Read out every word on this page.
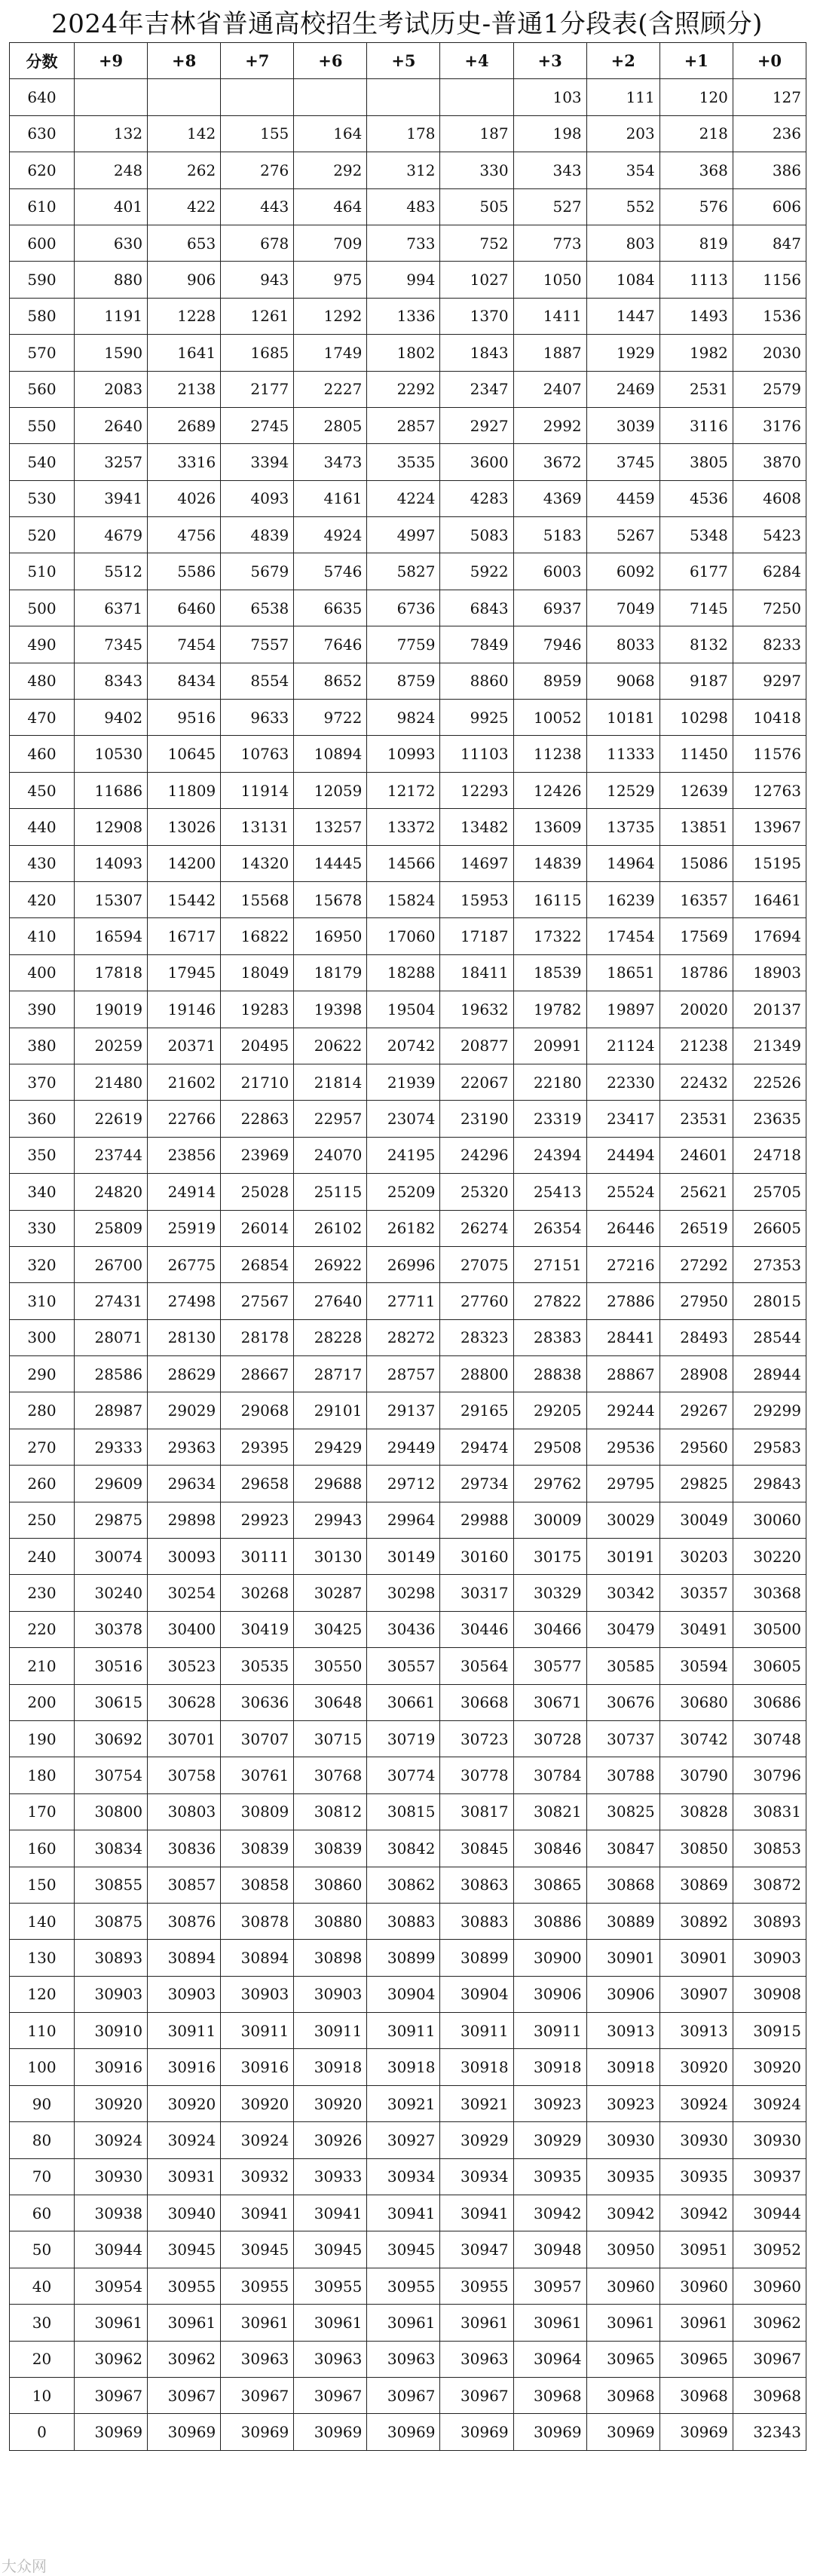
2024年吉林省普通高校招生考试历史-普通1分段表(含照顾分)
分数	+9	+8	+7	+6	+5	+4	+3	+2	+1	+0
640							103	111	120	127
630	132	142	155	164	178	187	198	203	218	236
620	248	262	276	292	312	330	343	354	368	386
610	401	422	443	464	483	505	527	552	576	606
600	630	653	678	709	733	752	773	803	819	847
590	880	906	943	975	994	1027	1050	1084	1113	1156
580	1191	1228	1261	1292	1336	1370	1411	1447	1493	1536
570	1590	1641	1685	1749	1802	1843	1887	1929	1982	2030
560	2083	2138	2177	2227	2292	2347	2407	2469	2531	2579
550	2640	2689	2745	2805	2857	2927	2992	3039	3116	3176
540	3257	3316	3394	3473	3535	3600	3672	3745	3805	3870
530	3941	4026	4093	4161	4224	4283	4369	4459	4536	4608
520	4679	4756	4839	4924	4997	5083	5183	5267	5348	5423
510	5512	5586	5679	5746	5827	5922	6003	6092	6177	6284
500	6371	6460	6538	6635	6736	6843	6937	7049	7145	7250
490	7345	7454	7557	7646	7759	7849	7946	8033	8132	8233
480	8343	8434	8554	8652	8759	8860	8959	9068	9187	9297
470	9402	9516	9633	9722	9824	9925	10052	10181	10298	10418
460	10530	10645	10763	10894	10993	11103	11238	11333	11450	11576
450	11686	11809	11914	12059	12172	12293	12426	12529	12639	12763
440	12908	13026	13131	13257	13372	13482	13609	13735	13851	13967
430	14093	14200	14320	14445	14566	14697	14839	14964	15086	15195
420	15307	15442	15568	15678	15824	15953	16115	16239	16357	16461
410	16594	16717	16822	16950	17060	17187	17322	17454	17569	17694
400	17818	17945	18049	18179	18288	18411	18539	18651	18786	18903
390	19019	19146	19283	19398	19504	19632	19782	19897	20020	20137
380	20259	20371	20495	20622	20742	20877	20991	21124	21238	21349
370	21480	21602	21710	21814	21939	22067	22180	22330	22432	22526
360	22619	22766	22863	22957	23074	23190	23319	23417	23531	23635
350	23744	23856	23969	24070	24195	24296	24394	24494	24601	24718
340	24820	24914	25028	25115	25209	25320	25413	25524	25621	25705
330	25809	25919	26014	26102	26182	26274	26354	26446	26519	26605
320	26700	26775	26854	26922	26996	27075	27151	27216	27292	27353
310	27431	27498	27567	27640	27711	27760	27822	27886	27950	28015
300	28071	28130	28178	28228	28272	28323	28383	28441	28493	28544
290	28586	28629	28667	28717	28757	28800	28838	28867	28908	28944
280	28987	29029	29068	29101	29137	29165	29205	29244	29267	29299
270	29333	29363	29395	29429	29449	29474	29508	29536	29560	29583
260	29609	29634	29658	29688	29712	29734	29762	29795	29825	29843
250	29875	29898	29923	29943	29964	29988	30009	30029	30049	30060
240	30074	30093	30111	30130	30149	30160	30175	30191	30203	30220
230	30240	30254	30268	30287	30298	30317	30329	30342	30357	30368
220	30378	30400	30419	30425	30436	30446	30466	30479	30491	30500
210	30516	30523	30535	30550	30557	30564	30577	30585	30594	30605
200	30615	30628	30636	30648	30661	30668	30671	30676	30680	30686
190	30692	30701	30707	30715	30719	30723	30728	30737	30742	30748
180	30754	30758	30761	30768	30774	30778	30784	30788	30790	30796
170	30800	30803	30809	30812	30815	30817	30821	30825	30828	30831
160	30834	30836	30839	30839	30842	30845	30846	30847	30850	30853
150	30855	30857	30858	30860	30862	30863	30865	30868	30869	30872
140	30875	30876	30878	30880	30883	30883	30886	30889	30892	30893
130	30893	30894	30894	30898	30899	30899	30900	30901	30901	30903
120	30903	30903	30903	30903	30904	30904	30906	30906	30907	30908
110	30910	30911	30911	30911	30911	30911	30911	30913	30913	30915
100	30916	30916	30916	30918	30918	30918	30918	30918	30920	30920
90	30920	30920	30920	30920	30921	30921	30923	30923	30924	30924
80	30924	30924	30924	30926	30927	30929	30929	30930	30930	30930
70	30930	30931	30932	30933	30934	30934	30935	30935	30935	30937
60	30938	30940	30941	30941	30941	30941	30942	30942	30942	30944
50	30944	30945	30945	30945	30945	30947	30948	30950	30951	30952
40	30954	30955	30955	30955	30955	30955	30957	30960	30960	30960
30	30961	30961	30961	30961	30961	30961	30961	30961	30961	30962
20	30962	30962	30963	30963	30963	30963	30964	30965	30965	30967
10	30967	30967	30967	30967	30967	30967	30968	30968	30968	30968
0	30969	30969	30969	30969	30969	30969	30969	30969	30969	32343
大众网
